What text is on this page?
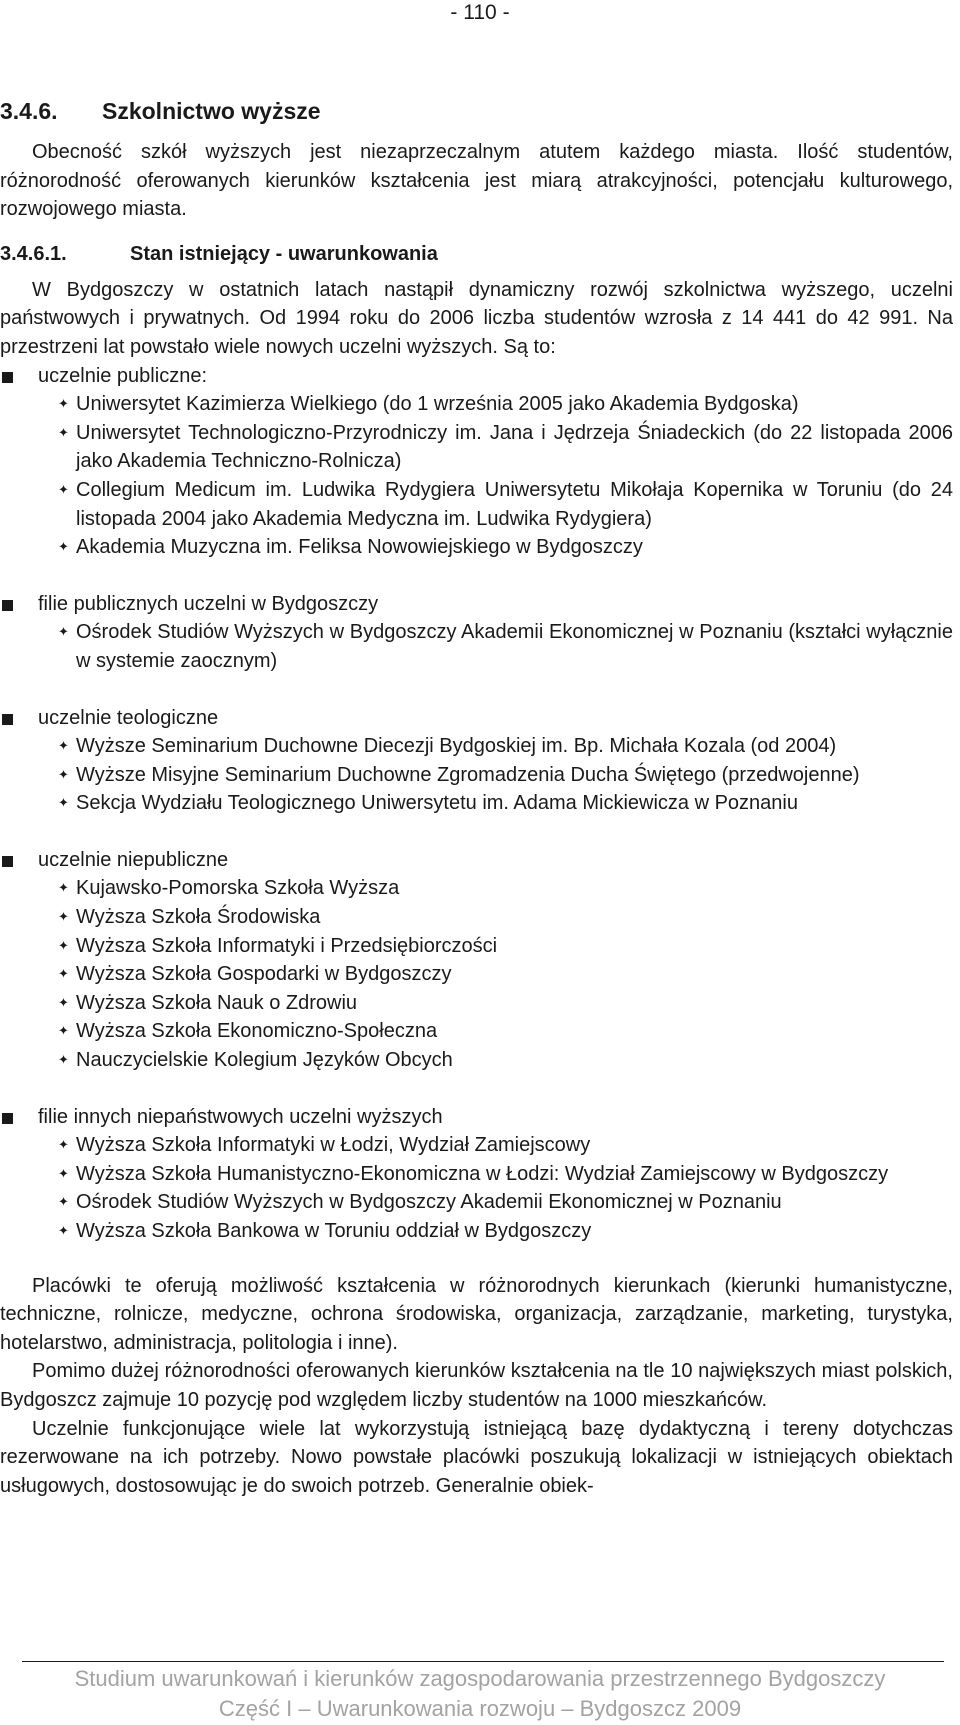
- 110 -
3.4.6. Szkolnictwo wyższe

Obecność szkół wyższych jest niezaprzeczalnym atutem każdego miasta. Ilość studentów, różnorodność oferowanych kierunków kształcenia jest miarą atrakcyjności, potencjału kulturowego, rozwojowego miasta.

3.4.6.1.	Stan istniejący - uwarunkowania

W Bydgoszczy w ostatnich latach nastąpił dynamiczny rozwój szkolnictwa wyższego, uczelni państwowych i prywatnych. Od 1994 roku do 2006 liczba studentów wzrosła z 14 441 do 42 991. Na przestrzeni lat powstało wiele nowych uczelni wyższych. Są to:

uczelnie publiczne:
✦ Uniwersytet Kazimierza Wielkiego (do 1 września 2005 jako Akademia Bydgoska)
✦ Uniwersytet Technologiczno-Przyrodniczy im. Jana i Jędrzeja Śniadeckich (do 22 listopada 2006 jako Akademia Techniczno-Rolnicza)
✦ Collegium Medicum im. Ludwika Rydygiera Uniwersytetu Mikołaja Kopernika w Toruniu (do 24 listopada 2004 jako Akademia Medyczna im. Ludwika Rydygiera)
✦ Akademia Muzyczna im. Feliksa Nowowiejskiego w Bydgoszczy
filie publicznych uczelni w Bydgoszczy
✦ Ośrodek Studiów Wyższych w Bydgoszczy Akademii Ekonomicznej w Poznaniu (kształci wyłącznie w systemie zaocznym)
uczelnie teologiczne
✦ Wyższe Seminarium Duchowne Diecezji Bydgoskiej im. Bp. Michała Kozala (od 2004)
✦ Wyższe Misyjne Seminarium Duchowne Zgromadzenia Ducha Świętego (przedwojenne)
✦ Sekcja Wydziału Teologicznego Uniwersytetu im. Adama Mickiewicza w Poznaniu
uczelnie niepubliczne
✦ Kujawsko-Pomorska Szkoła Wyższa
✦ Wyższa Szkoła Środowiska
✦ Wyższa Szkoła Informatyki i Przedsiębiorczości
✦ Wyższa Szkoła Gospodarki w Bydgoszczy
✦ Wyższa Szkoła Nauk o Zdrowiu
✦ Wyższa Szkoła Ekonomiczno-Społeczna
✦ Nauczycielskie Kolegium Języków Obcych
filie innych niepaństwowych uczelni wyższych
✦ Wyższa Szkoła Informatyki w Łodzi, Wydział Zamiejscowy
✦ Wyższa Szkoła Humanistyczno-Ekonomiczna w Łodzi: Wydział Zamiejscowy w Bydgoszczy
✦ Ośrodek Studiów Wyższych w Bydgoszczy Akademii Ekonomicznej w Poznaniu
✦ Wyższa Szkoła Bankowa w Toruniu oddział w Bydgoszczy

Placówki te oferują możliwość kształcenia w różnorodnych kierunkach (kierunki humanistyczne, techniczne, rolnicze, medyczne, ochrona środowiska, organizacja, zarządzanie, marketing, turystyka, hotelarstwo, administracja, politologia i inne).

Pomimo dużej różnorodności oferowanych kierunków kształcenia na tle 10 największych miast polskich, Bydgoszcz zajmuje 10 pozycję pod względem liczby studentów na 1000 mieszkańców.

Uczelnie funkcjonujące wiele lat wykorzystują istniejącą bazę dydaktyczną i tereny dotychczas rezerwowane na ich potrzeby. Nowo powstałe placówki poszukują lokalizacji w istniejących obiektach usługowych, dostosowując je do swoich potrzeb. Generalnie obiek-

Studium uwarunkowań i kierunków zagospodarowania przestrzennego Bydgoszczy
Część I – Uwarunkowania rozwoju – Bydgoszcz 2009
